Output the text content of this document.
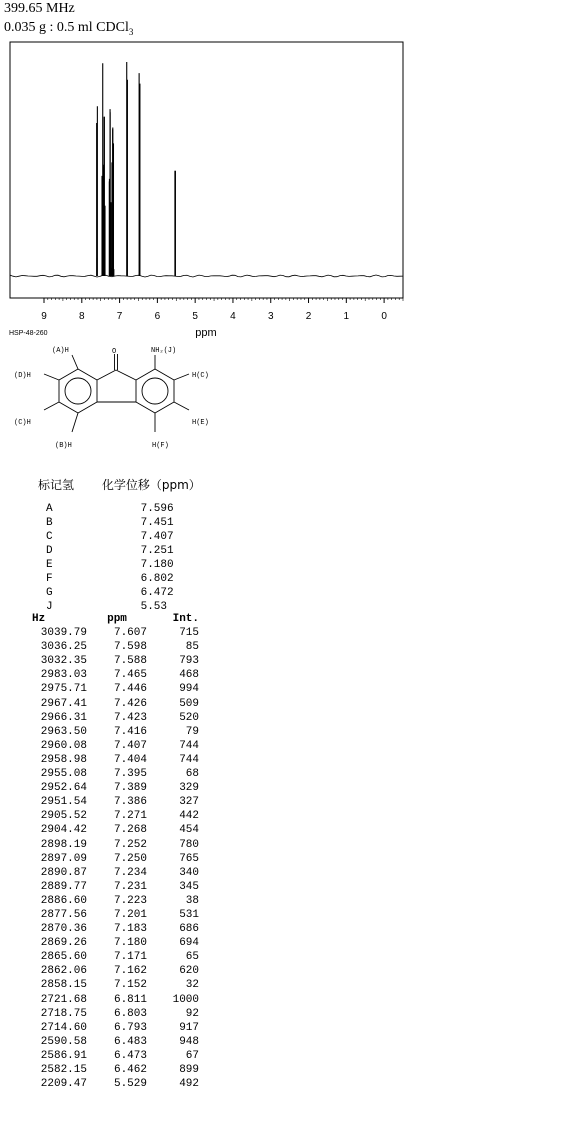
399.65 MHz
0.035 g : 0.5 ml CDCl$_3$
9	8	7	6	5	4	3	2	1	0
ppm
HSP-48-260
(A)H	O	NH₂(J)
(D)H	H(C)
(C)H	H(E)
(B)H	H(F)
标记氢 化学位移（ppm）
A	7.596
B	7.451
C	7.407
D	7.251
E	7.180
F	6.802
G	6.472
J	5.53
Hz	ppm	Int.
3039.79	7.607	715
3036.25	7.598	85
3032.35	7.588	793
2983.03	7.465	468
2975.71	7.446	994
2967.41	7.426	509
2966.31	7.423	520
2963.50	7.416	79
2960.08	7.407	744
2958.98	7.404	744
2955.08	7.395	68
2952.64	7.389	329
2951.54	7.386	327
2905.52	7.271	442
2904.42	7.268	454
2898.19	7.252	780
2897.09	7.250	765
2890.87	7.234	340
2889.77	7.231	345
2886.60	7.223	38
2877.56	7.201	531
2870.36	7.183	686
2869.26	7.180	694
2865.60	7.171	65
2862.06	7.162	620
2858.15	7.152	32
2721.68	6.811	1000
2718.75	6.803	92
2714.60	6.793	917
2590.58	6.483	948
2586.91	6.473	67
2582.15	6.462	899
2209.47	5.529	492
